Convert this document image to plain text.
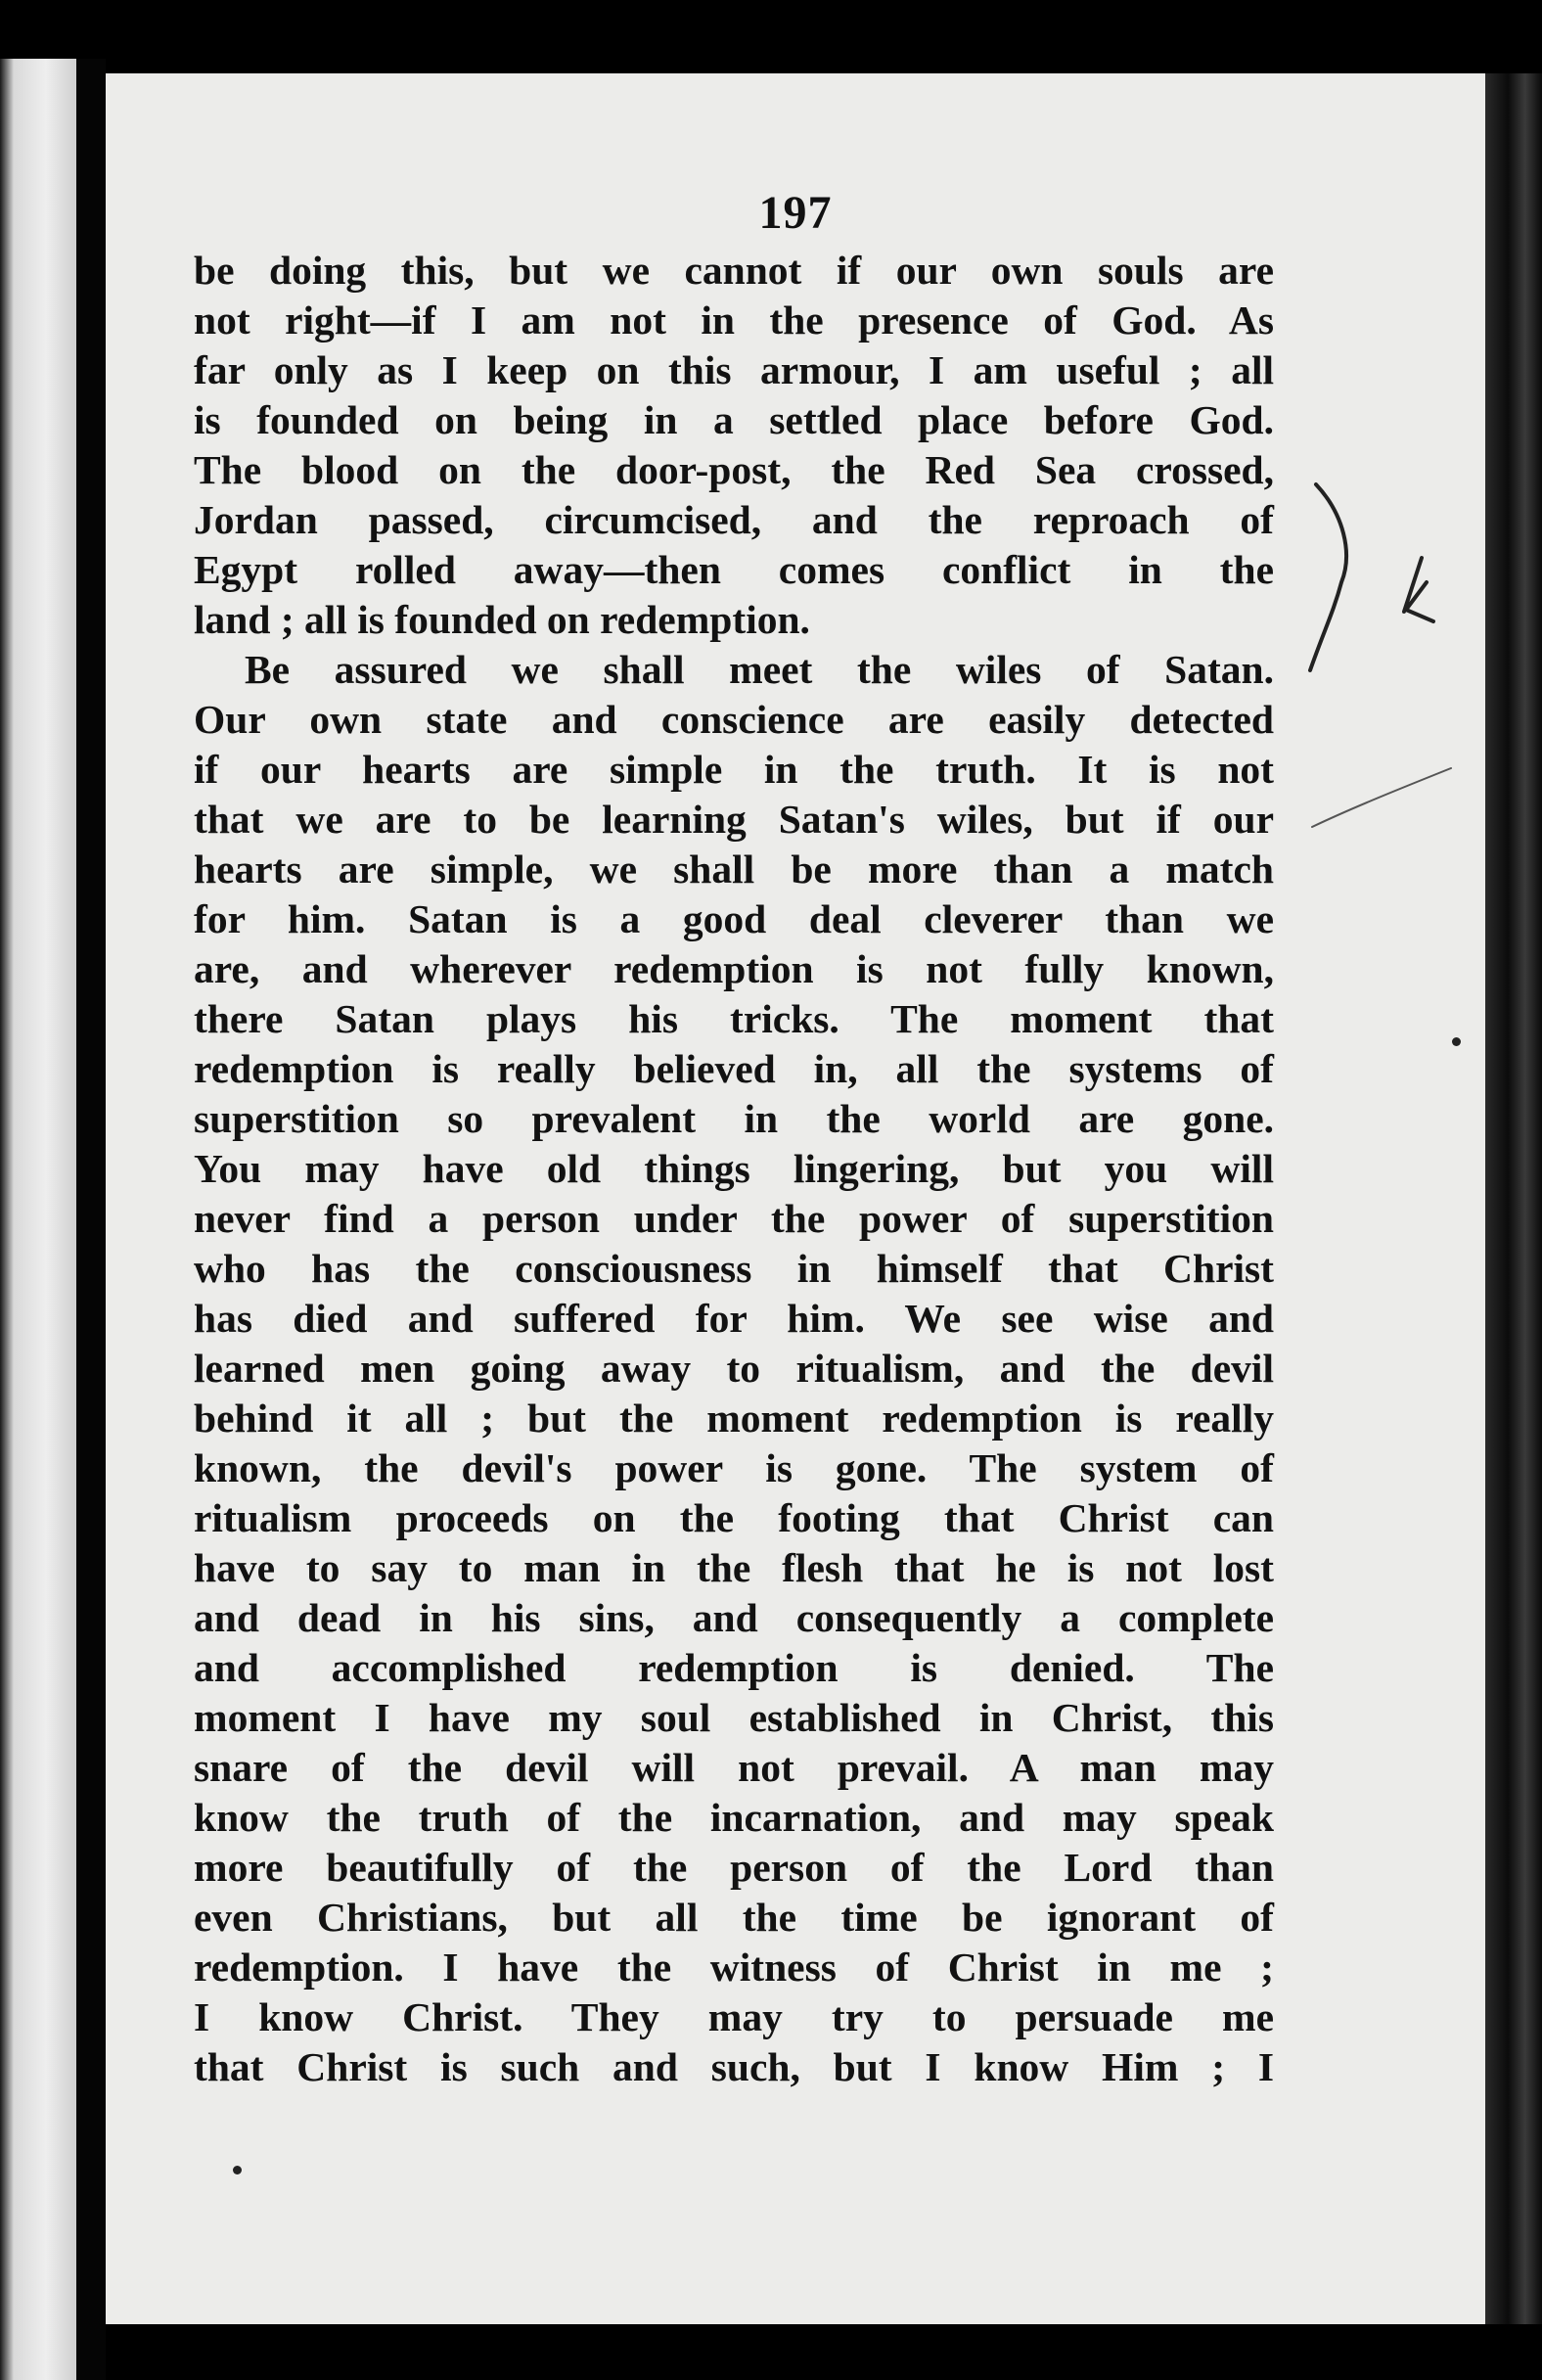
197
be doing this, but we cannot if our own souls are
not right—if I am not in the presence of God. As
far only as I keep on this armour, I am useful ; all
is founded on being in a settled place before God.
The blood on the door-post, the Red Sea crossed,
Jordan passed, circumcised, and the reproach of
Egypt rolled away—then comes conflict in the
land ; all is founded on redemption.
Be assured we shall meet the wiles of Satan.
Our own state and conscience are easily detected
if our hearts are simple in the truth. It is not
that we are to be learning Satan's wiles, but if our
hearts are simple, we shall be more than a match
for him. Satan is a good deal cleverer than we
are, and wherever redemption is not fully known,
there Satan plays his tricks. The moment that
redemption is really believed in, all the systems of
superstition so prevalent in the world are gone.
You may have old things lingering, but you will
never find a person under the power of superstition
who has the consciousness in himself that Christ
has died and suffered for him. We see wise and
learned men going away to ritualism, and the devil
behind it all ; but the moment redemption is really
known, the devil's power is gone. The system of
ritualism proceeds on the footing that Christ can
have to say to man in the flesh that he is not lost
and dead in his sins, and consequently a complete
and accomplished redemption is denied. The
moment I have my soul established in Christ, this
snare of the devil will not prevail. A man may
know the truth of the incarnation, and may speak
more beautifully of the person of the Lord than
even Christians, but all the time be ignorant of
redemption. I have the witness of Christ in me ;
I know Christ. They may try to persuade me
that Christ is such and such, but I know Him ; I
